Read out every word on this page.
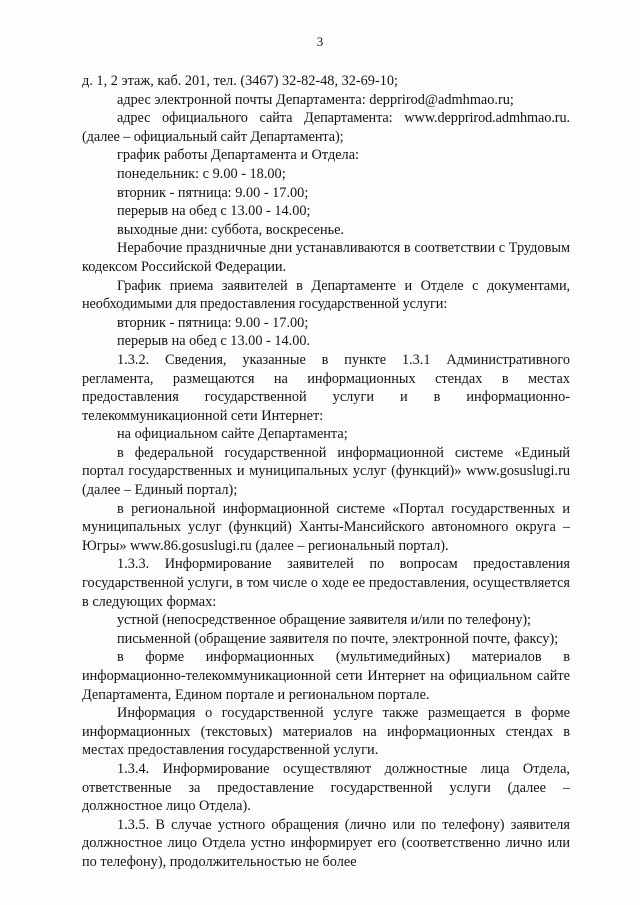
3

д. 1, 2 этаж, каб. 201, тел. (3467) 32-82-48, 32-69-10;

адрес электронной почты Департамента: depprirod@admhmao.ru;

адрес официального сайта Департамента: www.depprirod.admhmao.ru. (далее – официальный сайт Департамента);

график работы Департамента и Отдела:

понедельник: с 9.00 - 18.00;

вторник - пятница: 9.00 - 17.00;

перерыв на обед с 13.00 - 14.00;

выходные дни: суббота, воскресенье.

Нерабочие праздничные дни устанавливаются в соответствии с Трудовым кодексом Российской Федерации.

График приема заявителей в Департаменте и Отделе с документами, необходимыми для предоставления государственной услуги:

вторник - пятница: 9.00 - 17.00;

перерыв на обед с 13.00 - 14.00.

1.3.2. Сведения, указанные в пункте 1.3.1 Административного регламента, размещаются на информационных стендах в местах предоставления государственной услуги и в информационно-телекоммуникационной сети Интернет:

на официальном сайте Департамента;

в федеральной государственной информационной системе «Единый портал государственных и муниципальных услуг (функций)» www.gosuslugi.ru (далее – Единый портал);

в региональной информационной системе «Портал государственных и муниципальных услуг (функций) Ханты-Мансийского автономного округа – Югры» www.86.gosuslugi.ru (далее – региональный портал).

1.3.3. Информирование заявителей по вопросам предоставления государственной услуги, в том числе о ходе ее предоставления, осуществляется в следующих формах:

устной (непосредственное обращение заявителя и/или по телефону);

письменной (обращение заявителя по почте, электронной почте, факсу);

в форме информационных (мультимедийных) материалов в информационно-телекоммуникационной сети Интернет на официальном сайте Департамента, Едином портале и региональном портале.

Информация о государственной услуге также размещается в форме информационных (текстовых) материалов на информационных стендах в местах предоставления государственной услуги.

1.3.4. Информирование осуществляют должностные лица Отдела, ответственные за предоставление государственной услуги (далее – должностное лицо Отдела).

1.3.5. В случае устного обращения (лично или по телефону) заявителя должностное лицо Отдела устно информирует его (соответственно лично или по телефону), продолжительностью не более
